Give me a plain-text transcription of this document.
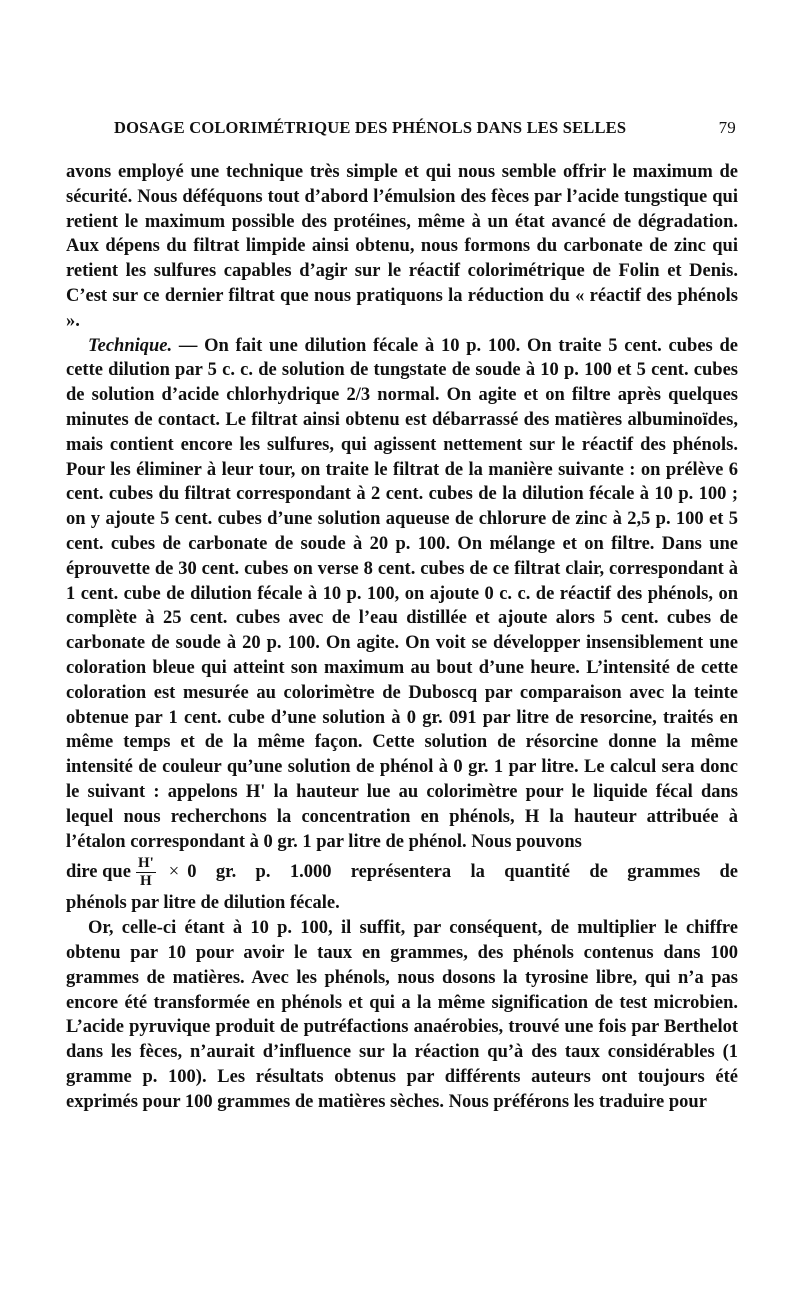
DOSAGE COLORIMÉTRIQUE DES PHÉNOLS DANS LES SELLES	79

avons employé une technique très simple et qui nous semble offrir le maximum de sécurité. Nous déféquons tout d’abord l’émulsion des fèces par l’acide tungstique qui retient le maximum possible des protéines, même à un état avancé de dégradation. Aux dépens du filtrat limpide ainsi obtenu, nous formons du carbonate de zinc qui retient les sulfures capables d’agir sur le réactif colorimétrique de Folin et Denis. C’est sur ce dernier filtrat que nous pratiquons la réduction du « réactif des phénols ».

Technique. — On fait une dilution fécale à 10 p. 100. On traite 5 cent. cubes de cette dilution par 5 c. c. de solution de tungstate de soude à 10 p. 100 et 5 cent. cubes de solution d’acide chlorhydrique 2/3 normal. On agite et on filtre après quelques minutes de contact. Le filtrat ainsi obtenu est débarrassé des matières albuminoïdes, mais contient encore les sulfures, qui agissent nettement sur le réactif des phénols. Pour les éliminer à leur tour, on traite le filtrat de la manière suivante : on prélève 6 cent. cubes du filtrat correspondant à 2 cent. cubes de la dilution fécale à 10 p. 100 ; on y ajoute 5 cent. cubes d’une solution aqueuse de chlorure de zinc à 2,5 p. 100 et 5 cent. cubes de carbonate de soude à 20 p. 100. On mélange et on filtre. Dans une éprouvette de 30 cent. cubes on verse 8 cent. cubes de ce filtrat clair, correspondant à 1 cent. cube de dilution fécale à 10 p. 100, on ajoute 0 c. c. de réactif des phénols, on complète à 25 cent. cubes avec de l’eau distillée et ajoute alors 5 cent. cubes de carbonate de soude à 20 p. 100. On agite. On voit se développer insensiblement une coloration bleue qui atteint son maximum au bout d’une heure. L’intensité de cette coloration est mesurée au colorimètre de Duboscq par comparaison avec la teinte obtenue par 1 cent. cube d’une solution à 0 gr. 091 par litre de resorcine, traités en même temps et de la même façon. Cette solution de résorcine donne la même intensité de couleur qu’une solution de phénol à 0 gr. 1 par litre. Le calcul sera donc le suivant : appelons H' la hauteur lue au colorimètre pour le liquide fécal dans lequel nous recherchons la concentration en phénols, H la hauteur attribuée à l’étalon correspondant à 0 gr. 1 par litre de phénol. Nous pouvons

dire que $\frac{H'}{H} \times 0$ gr. p. 1.000 représentera la quantité de grammes de

phénols par litre de dilution fécale.

Or, celle-ci étant à 10 p. 100, il suffit, par conséquent, de multiplier le chiffre obtenu par 10 pour avoir le taux en grammes, des phénols contenus dans 100 grammes de matières. Avec les phénols, nous dosons la tyrosine libre, qui n’a pas encore été transformée en phénols et qui a la même signification de test microbien. L’acide pyruvique produit de putréfactions anaérobies, trouvé une fois par Berthelot dans les fèces, n’aurait d’influence sur la réaction qu’à des taux considérables (1 gramme p. 100). Les résultats obtenus par différents auteurs ont toujours été exprimés pour 100 grammes de matières sèches. Nous préférons les traduire pour
